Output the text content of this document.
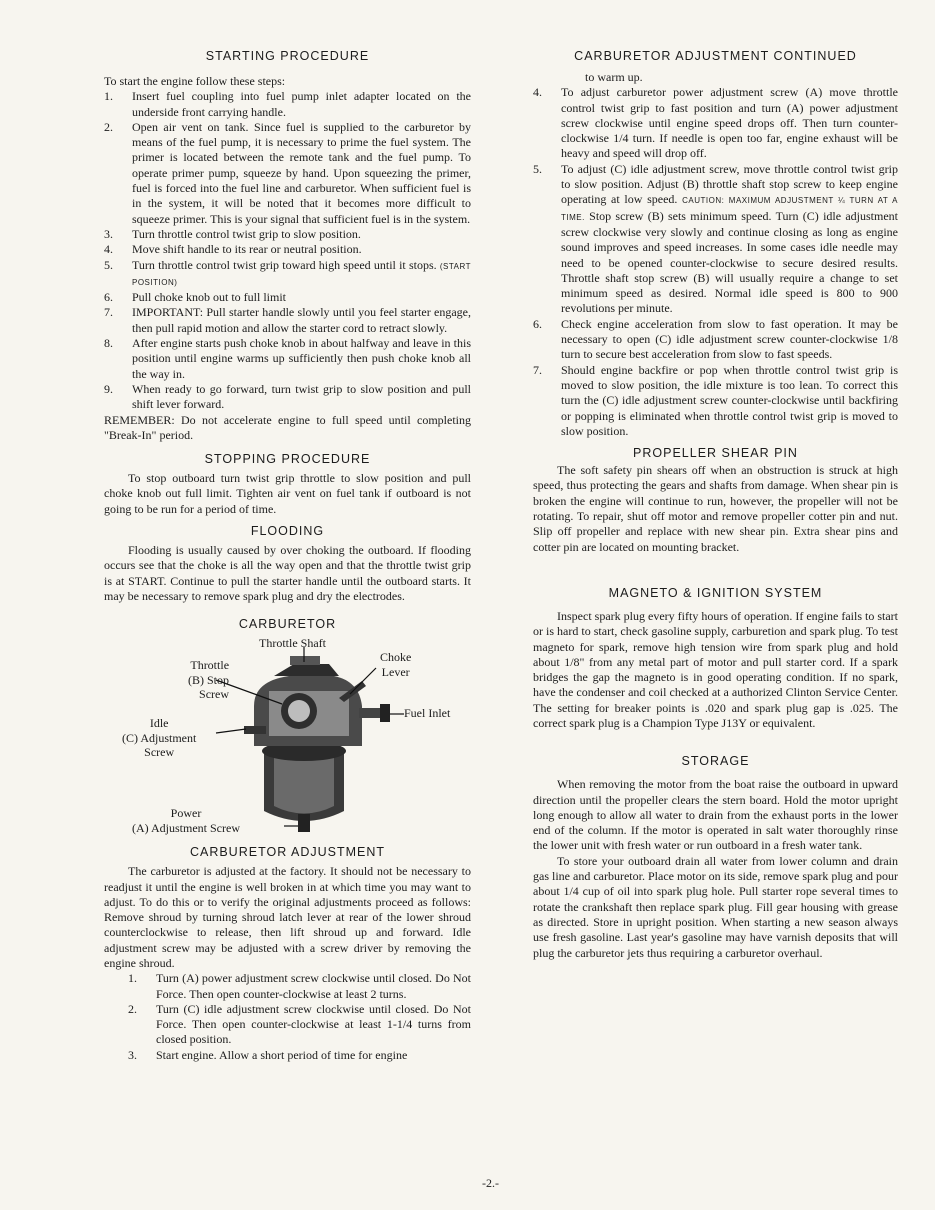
STARTING PROCEDURE

To start the engine follow these steps:

1. Insert fuel coupling into fuel pump inlet adapter located on the underside front carrying handle.
2. Open air vent on tank. Since fuel is supplied to the carburetor by means of the fuel pump, it is necessary to prime the fuel system. The primer is located between the remote tank and the fuel pump. To operate primer pump, squeeze by hand. Upon squeezing the primer, fuel is forced into the fuel line and carburetor. When sufficient fuel is in the system, it will be noted that it becomes more difficult to squeeze primer. This is your signal that sufficient fuel is in the system.
3. Turn throttle control twist grip to slow position.
4. Move shift handle to its rear or neutral position.
5. Turn throttle control twist grip toward high speed until it stops. (START POSITION)
6. Pull choke knob out to full limit
7. IMPORTANT: Pull starter handle slowly until you feel starter engage, then pull rapid motion and allow the starter cord to retract slowly.
8. After engine starts push choke knob in about halfway and leave in this position until engine warms up sufficiently then push choke knob all the way in.
9. When ready to go forward, turn twist grip to slow position and pull shift lever forward.

REMEMBER: Do not accelerate engine to full speed until completing "Break-In" period.

STOPPING PROCEDURE

To stop outboard turn twist grip throttle to slow position and pull choke knob out full limit. Tighten air vent on fuel tank if outboard is not going to be run for a period of time.

FLOODING

Flooding is usually caused by over choking the outboard. If flooding occurs see that the choke is all the way open and that the throttle twist grip is at START. Continue to pull the starter handle until the outboard starts. It may be necessary to remove spark plug and dry the electrodes.

CARBURETOR
Throttle Shaft
Throttle
(B) Stop
Screw
Choke
Lever
Fuel Inlet
Idle
(C) Adjustment
Screw
Power
(A) Adjustment Screw
CARBURETOR ADJUSTMENT

The carburetor is adjusted at the factory. It should not be necessary to readjust it until the engine is well broken in at which time you may want to adjust. To do this or to verify the original adjustments proceed as follows: Remove shroud by turning shroud latch lever at rear of the lower shroud counterclockwise to release, then lift shroud up and forward. Idle adjustment screw may be adjusted with a screw driver by removing the engine shroud.

1. Turn (A) power adjustment screw clockwise until closed. Do Not Force. Then open counter-clockwise at least 2 turns.
2. Turn (C) idle adjustment screw clockwise until closed. Do Not Force. Then open counter-clockwise at least 1-1/4 turns from closed position.
3. Start engine. Allow a short period of time for engine
CARBURETOR ADJUSTMENT CONTINUED

to warm up.

4. To adjust carburetor power adjustment screw (A) move throttle control twist grip to fast position and turn (A) power adjustment screw clockwise until engine speed drops off. Then turn counter-clockwise 1/4 turn. If needle is open too far, engine exhaust will be heavy and speed will drop off.
5. To adjust (C) idle adjustment screw, move throttle control twist grip to slow position. Adjust (B) throttle shaft stop screw to keep engine operating at low speed. CAUTION: MAXIMUM ADJUSTMENT ¼ TURN AT A TIME. Stop screw (B) sets minimum speed. Turn (C) idle adjustment screw clockwise very slowly and continue closing as long as engine sound improves and speed increases. In some cases idle needle may need to be opened counter-clockwise to secure desired results. Throttle shaft stop screw (B) will usually require a change to set minimum speed as desired. Normal idle speed is 800 to 900 revolutions per minute.
6. Check engine acceleration from slow to fast operation. It may be necessary to open (C) idle adjustment screw counter-clockwise 1/8 turn to secure best acceleration from slow to fast speeds.
7. Should engine backfire or pop when throttle control twist grip is moved to slow position, the idle mixture is too lean. To correct this turn the (C) idle adjustment screw counter-clockwise until backfiring or popping is eliminated when throttle control twist grip is moved to slow position.
PROPELLER SHEAR PIN

The soft safety pin shears off when an obstruction is struck at high speed, thus protecting the gears and shafts from damage. When shear pin is broken the engine will continue to run, however, the propeller will not be rotating. To repair, shut off motor and remove propeller cotter pin and nut. Slip off propeller and replace with new shear pin. Extra shear pins and cotter pin are located on mounting bracket.

MAGNETO & IGNITION SYSTEM

Inspect spark plug every fifty hours of operation. If engine fails to start or is hard to start, check gasoline supply, carburetion and spark plug. To test magneto for spark, remove high tension wire from spark plug and hold about 1/8" from any metal part of motor and pull starter cord. If a spark bridges the gap the magneto is in good operating condition. If no spark, have the condenser and coil checked at a authorized Clinton Service Center. The setting for breaker points is .020 and spark plug gap is .025. The correct spark plug is a Champion Type J13Y or equivalent.

STORAGE

When removing the motor from the boat raise the outboard in upward direction until the propeller clears the stern board. Hold the motor upright long enough to allow all water to drain from the exhaust ports in the lower end of the column. If the motor is operated in salt water thoroughly rinse the lower unit with fresh water or run outboard in a fresh water tank.

To store your outboard drain all water from lower column and drain gas line and carburetor. Place motor on its side, remove spark plug and pour about 1/4 cup of oil into spark plug hole. Pull starter rope several times to rotate the crankshaft then replace spark plug. Fill gear housing with grease as directed. Store in upright position. When starting a new season always use fresh gasoline. Last year's gasoline may have varnish deposits that will plug the carburetor jets thus requiring a carburetor overhaul.

-2.-
